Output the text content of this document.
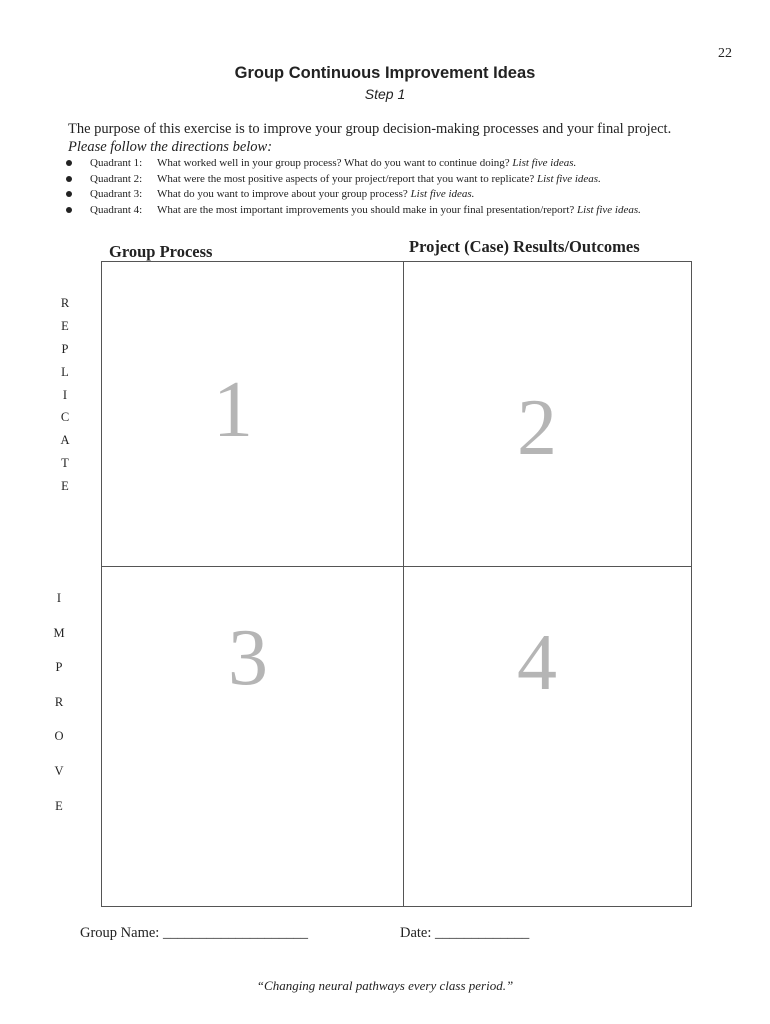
22
Group Continuous Improvement Ideas
Step 1
The purpose of this exercise is to improve your group decision-making processes and your final project.
Please follow the directions below:
Quadrant 1: What worked well in your group process? What do you want to continue doing? List five ideas.
Quadrant 2: What were the most positive aspects of your project/report that you want to replicate? List five ideas.
Quadrant 3: What do you want to improve about your group process? List five ideas.
Quadrant 4: What are the most important improvements you should make in your final presentation/report? List five ideas.
Group Process	Project (Case) Results/Outcomes
1	2
3	4
R
E
P
L
I
C
A
T
E
I
M
P
R
O
V
E
Group Name: ____________________	Date: _____________
“Changing neural pathways every class period.”
